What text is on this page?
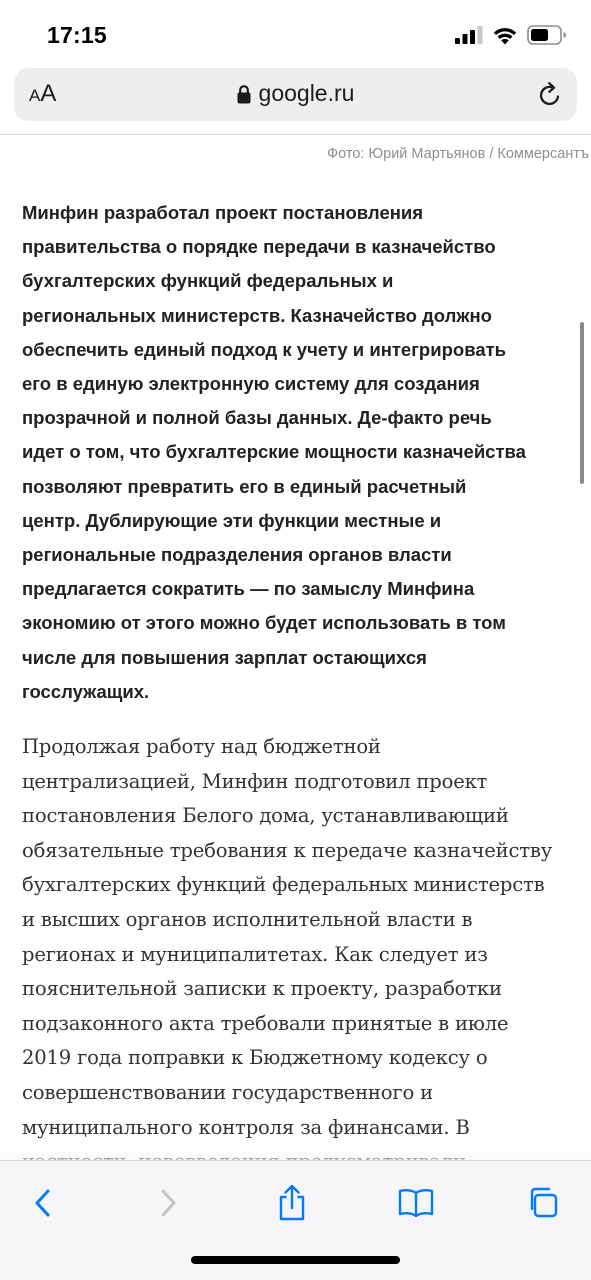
17:15
AA	google.ru
Фото: Юрий Мартьянов / Коммерсантъ

Минфин разработал проект постановления
правительства о порядке передачи в казначейство
бухгалтерских функций федеральных и
региональных министерств. Казначейство должно
обеспечить единый подход к учету и интегрировать
его в единую электронную систему для создания
прозрачной и полной базы данных. Де-факто речь
идет о том, что бухгалтерские мощности казначейства
позволяют превратить его в единый расчетный
центр. Дублирующие эти функции местные и
региональные подразделения органов власти
предлагается сократить — по замыслу Минфина
экономию от этого можно будет использовать в том
числе для повышения зарплат остающихся
госслужащих.

Продолжая работу над бюджетной
централизацией, Минфин подготовил проект
постановления Белого дома, устанавливающий
обязательные требования к передаче казначейству
бухгалтерских функций федеральных министерств
и высших органов исполнительной власти в
регионах и муниципалитетах. Как следует из
пояснительной записки к проекту, разработки
подзаконного акта требовали принятые в июле
2019 года поправки к Бюджетному кодексу о
совершенствовании государственного и
муниципального контроля за финансами. В
